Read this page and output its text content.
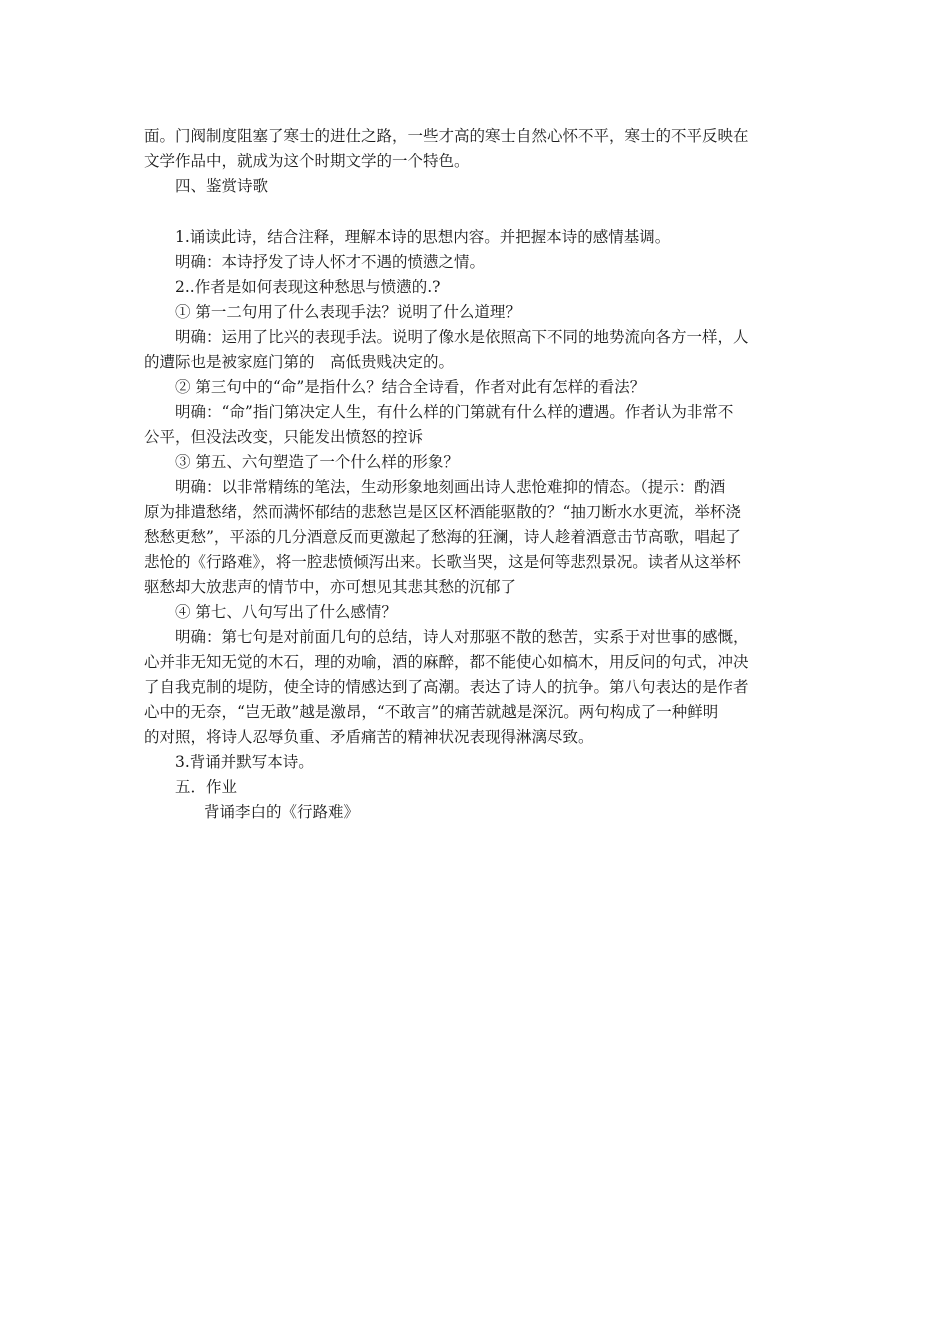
面。门阀制度阻塞了寒士的进仕之路，一些才高的寒士自然心怀不平，寒士的不平反映在
文学作品中，就成为这个时期文学的一个特色。
四、鉴赏诗歌
1.诵读此诗，结合注释，理解本诗的思想内容。并把握本诗的感情基调。
明确：本诗抒发了诗人怀才不遇的愤懑之情。
2..作者是如何表现这种愁思与愤懑的.?
① 第一二句用了什么表现手法？说明了什么道理？
明确：运用了比兴的表现手法。说明了像水是依照高下不同的地势流向各方一样，人
的遭际也是被家庭门第的　高低贵贱决定的。
② 第三句中的“命”是指什么？结合全诗看，作者对此有怎样的看法？
明确：“命”指门第决定人生，有什么样的门第就有什么样的遭遇。作者认为非常不
公平，但没法改变，只能发出愤怒的控诉
③ 第五、六句塑造了一个什么样的形象？
明确：以非常精练的笔法，生动形象地刻画出诗人悲怆难抑的情态。（提示：酌酒
原为排遣愁绪，然而满怀郁结的悲愁岂是区区杯酒能驱散的？“抽刀断水水更流，举杯浇
愁愁更愁”，平添的几分酒意反而更激起了愁海的狂澜，诗人趁着酒意击节高歌，唱起了
悲怆的《行路难》，将一腔悲愤倾泻出来。长歌当哭，这是何等悲烈景况。读者从这举杯
驱愁却大放悲声的情节中，亦可想见其悲其愁的沉郁了
④ 第七、八句写出了什么感情？
明确：第七句是对前面几句的总结，诗人对那驱不散的愁苦，实系于对世事的感慨，
心并非无知无觉的木石，理的劝喻，酒的麻醉，都不能使心如槁木，用反问的句式，冲决
了自我克制的堤防，使全诗的情感达到了高潮。表达了诗人的抗争。第八句表达的是作者
心中的无奈，“岂无敢”越是激昂，“不敢言”的痛苦就越是深沉。两句构成了一种鲜明
的对照，将诗人忍辱负重、矛盾痛苦的精神状况表现得淋漓尽致。
3.背诵并默写本诗。
五．作业
背诵李白的《行路难》
